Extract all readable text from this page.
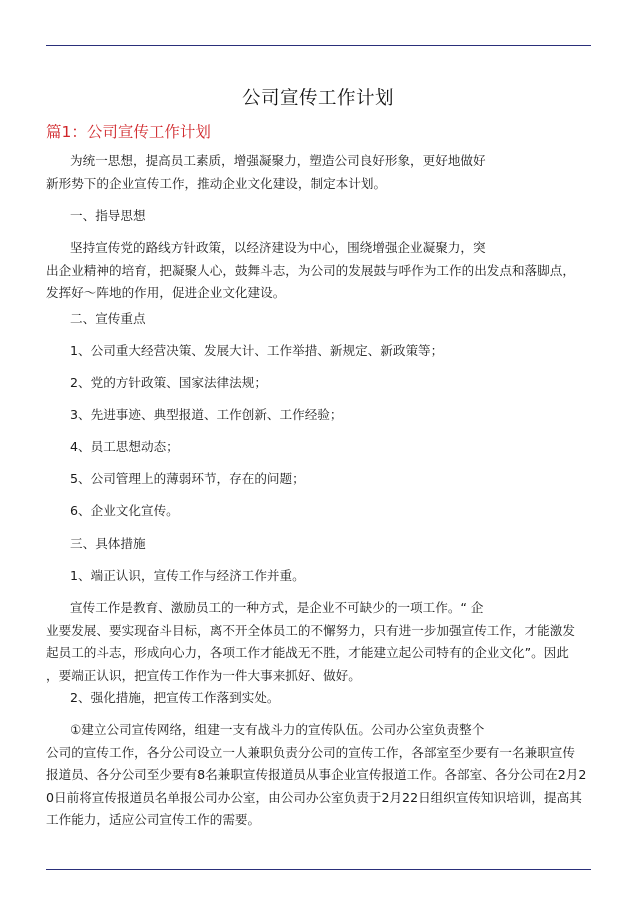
公司宣传工作计划
篇1：公司宣传工作计划
为统一思想，提高员工素质，增强凝聚力，塑造公司良好形象，更好地做好
新形势下的企业宣传工作，推动企业文化建设，制定本计划。
一、指导思想
坚持宣传党的路线方针政策，以经济建设为中心，围绕增强企业凝聚力，突
出企业精神的培育，把凝聚人心，鼓舞斗志，为公司的发展鼓与呼作为工作的出发点和落脚点，
发挥好～阵地的作用，促进企业文化建设。
二、宣传重点
1、公司重大经营决策、发展大计、工作举措、新规定、新政策等；
2、党的方针政策、国家法律法规；
3、先进事迹、典型报道、工作创新、工作经验；
4、员工思想动态；
5、公司管理上的薄弱环节，存在的问题；
6、企业文化宣传。
三、具体措施
1、端正认识，宣传工作与经济工作并重。
宣传工作是教育、激励员工的一种方式，是企业不可缺少的一项工作。“ 企
业要发展、要实现奋斗目标，离不开全体员工的不懈努力，只有进一步加强宣传工作，才能激发
起员工的斗志，形成向心力，各项工作才能战无不胜，才能建立起公司特有的企业文化”。因此
，要端正认识，把宣传工作作为一件大事来抓好、做好。
2、强化措施，把宣传工作落到实处。
①建立公司宣传网络，组建一支有战斗力的宣传队伍。公司办公室负责整个
公司的宣传工作，各分公司设立一人兼职负责分公司的宣传工作，各部室至少要有一名兼职宣传
报道员、各分公司至少要有8名兼职宣传报道员从事企业宣传报道工作。各部室、各分公司在2月2
0日前将宣传报道员名单报公司办公室，由公司办公室负责于2月22日组织宣传知识培训，提高其
工作能力，适应公司宣传工作的需要。
